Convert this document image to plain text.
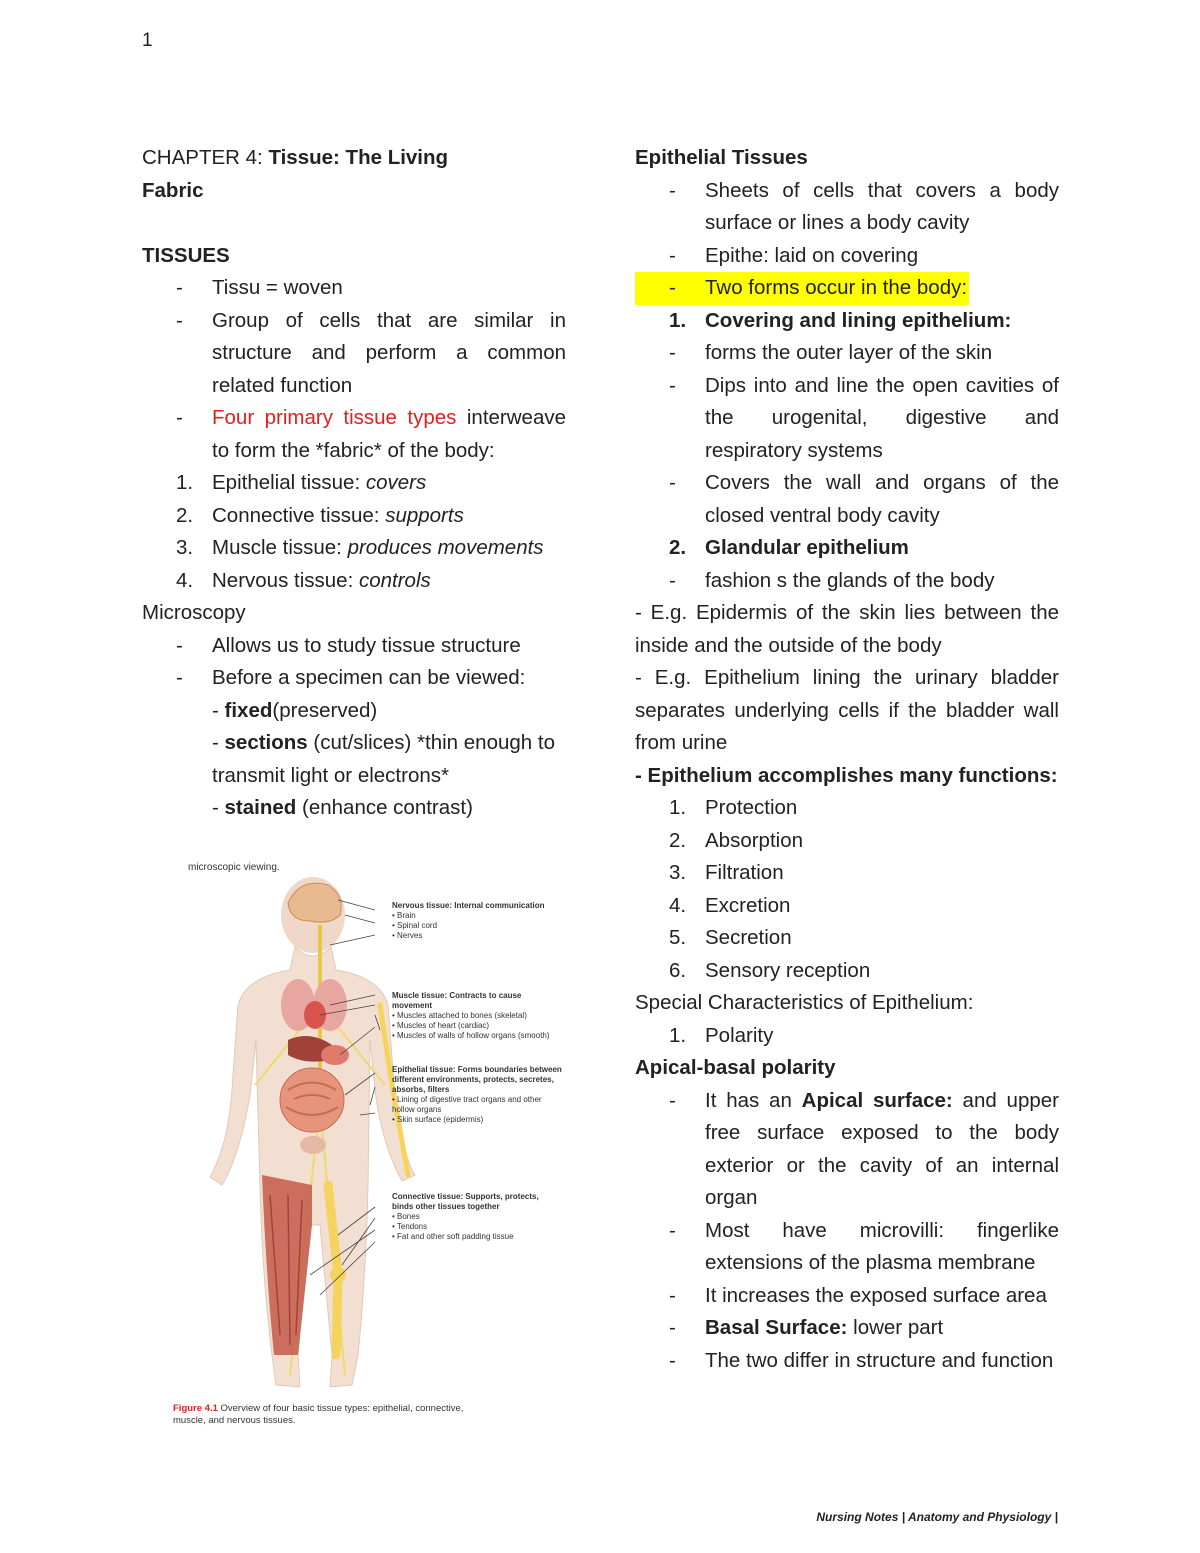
1
CHAPTER 4: Tissue: The Living
Fabric
TISSUES
-	Tissu = woven
-	Group of cells that are similar in structure and perform a common related function
-	Four primary tissue types interweave to form the *fabric* of the body:
1. Epithelial tissue: covers
2. Connective tissue: supports
3. Muscle tissue: produces movements
4. Nervous tissue: controls
Microscopy
-	Allows us to study tissue structure
-	Before a specimen can be viewed:
- fixed(preserved)
- sections (cut/slices) *thin enough to transmit light or electrons*
- stained (enhance contrast)
microscopic viewing.
Nervous tissue: Internal communication
• Brain
• Spinal cord
• Nerves
Muscle tissue: Contracts to cause movement
• Muscles attached to bones (skeletal)
• Muscles of heart (cardiac)
• Muscles of walls of hollow organs (smooth)
Epithelial tissue: Forms boundaries between different environments, protects, secretes, absorbs, filters
• Lining of digestive tract organs and other hollow organs
• Skin surface (epidermis)
Connective tissue: Supports, protects, binds other tissues together
• Bones
• Tendons
• Fat and other soft padding tissue
Figure 4.1 Overview of four basic tissue types: epithelial, connective, muscle, and nervous tissues.
Epithelial Tissues
-	Sheets of cells that covers a body surface or lines a body cavity
-	Epithe: laid on covering
-	Two forms occur in the body:
1. Covering and lining epithelium:
-	forms the outer layer of the skin
-	Dips into and line the open cavities of the urogenital, digestive and respiratory systems
-	Covers the wall and organs of the closed ventral body cavity
2. Glandular epithelium
-	fashion s the glands of the body
- E.g. Epidermis of the skin lies between the inside and the outside of the body
- E.g. Epithelium lining the urinary bladder separates underlying cells if the bladder wall from urine
- Epithelium accomplishes many functions:
1. Protection
2. Absorption
3. Filtration
4. Excretion
5. Secretion
6. Sensory reception
Special Characteristics of Epithelium:
1. Polarity
Apical-basal polarity
-	It has an Apical surface: and upper free surface exposed to the body exterior or the cavity of an internal organ
-	Most have microvilli: fingerlike extensions of the plasma membrane
-	It increases the exposed surface area
-	Basal Surface: lower part
-	The two differ in structure and function
Nursing Notes | Anatomy and Physiology |
